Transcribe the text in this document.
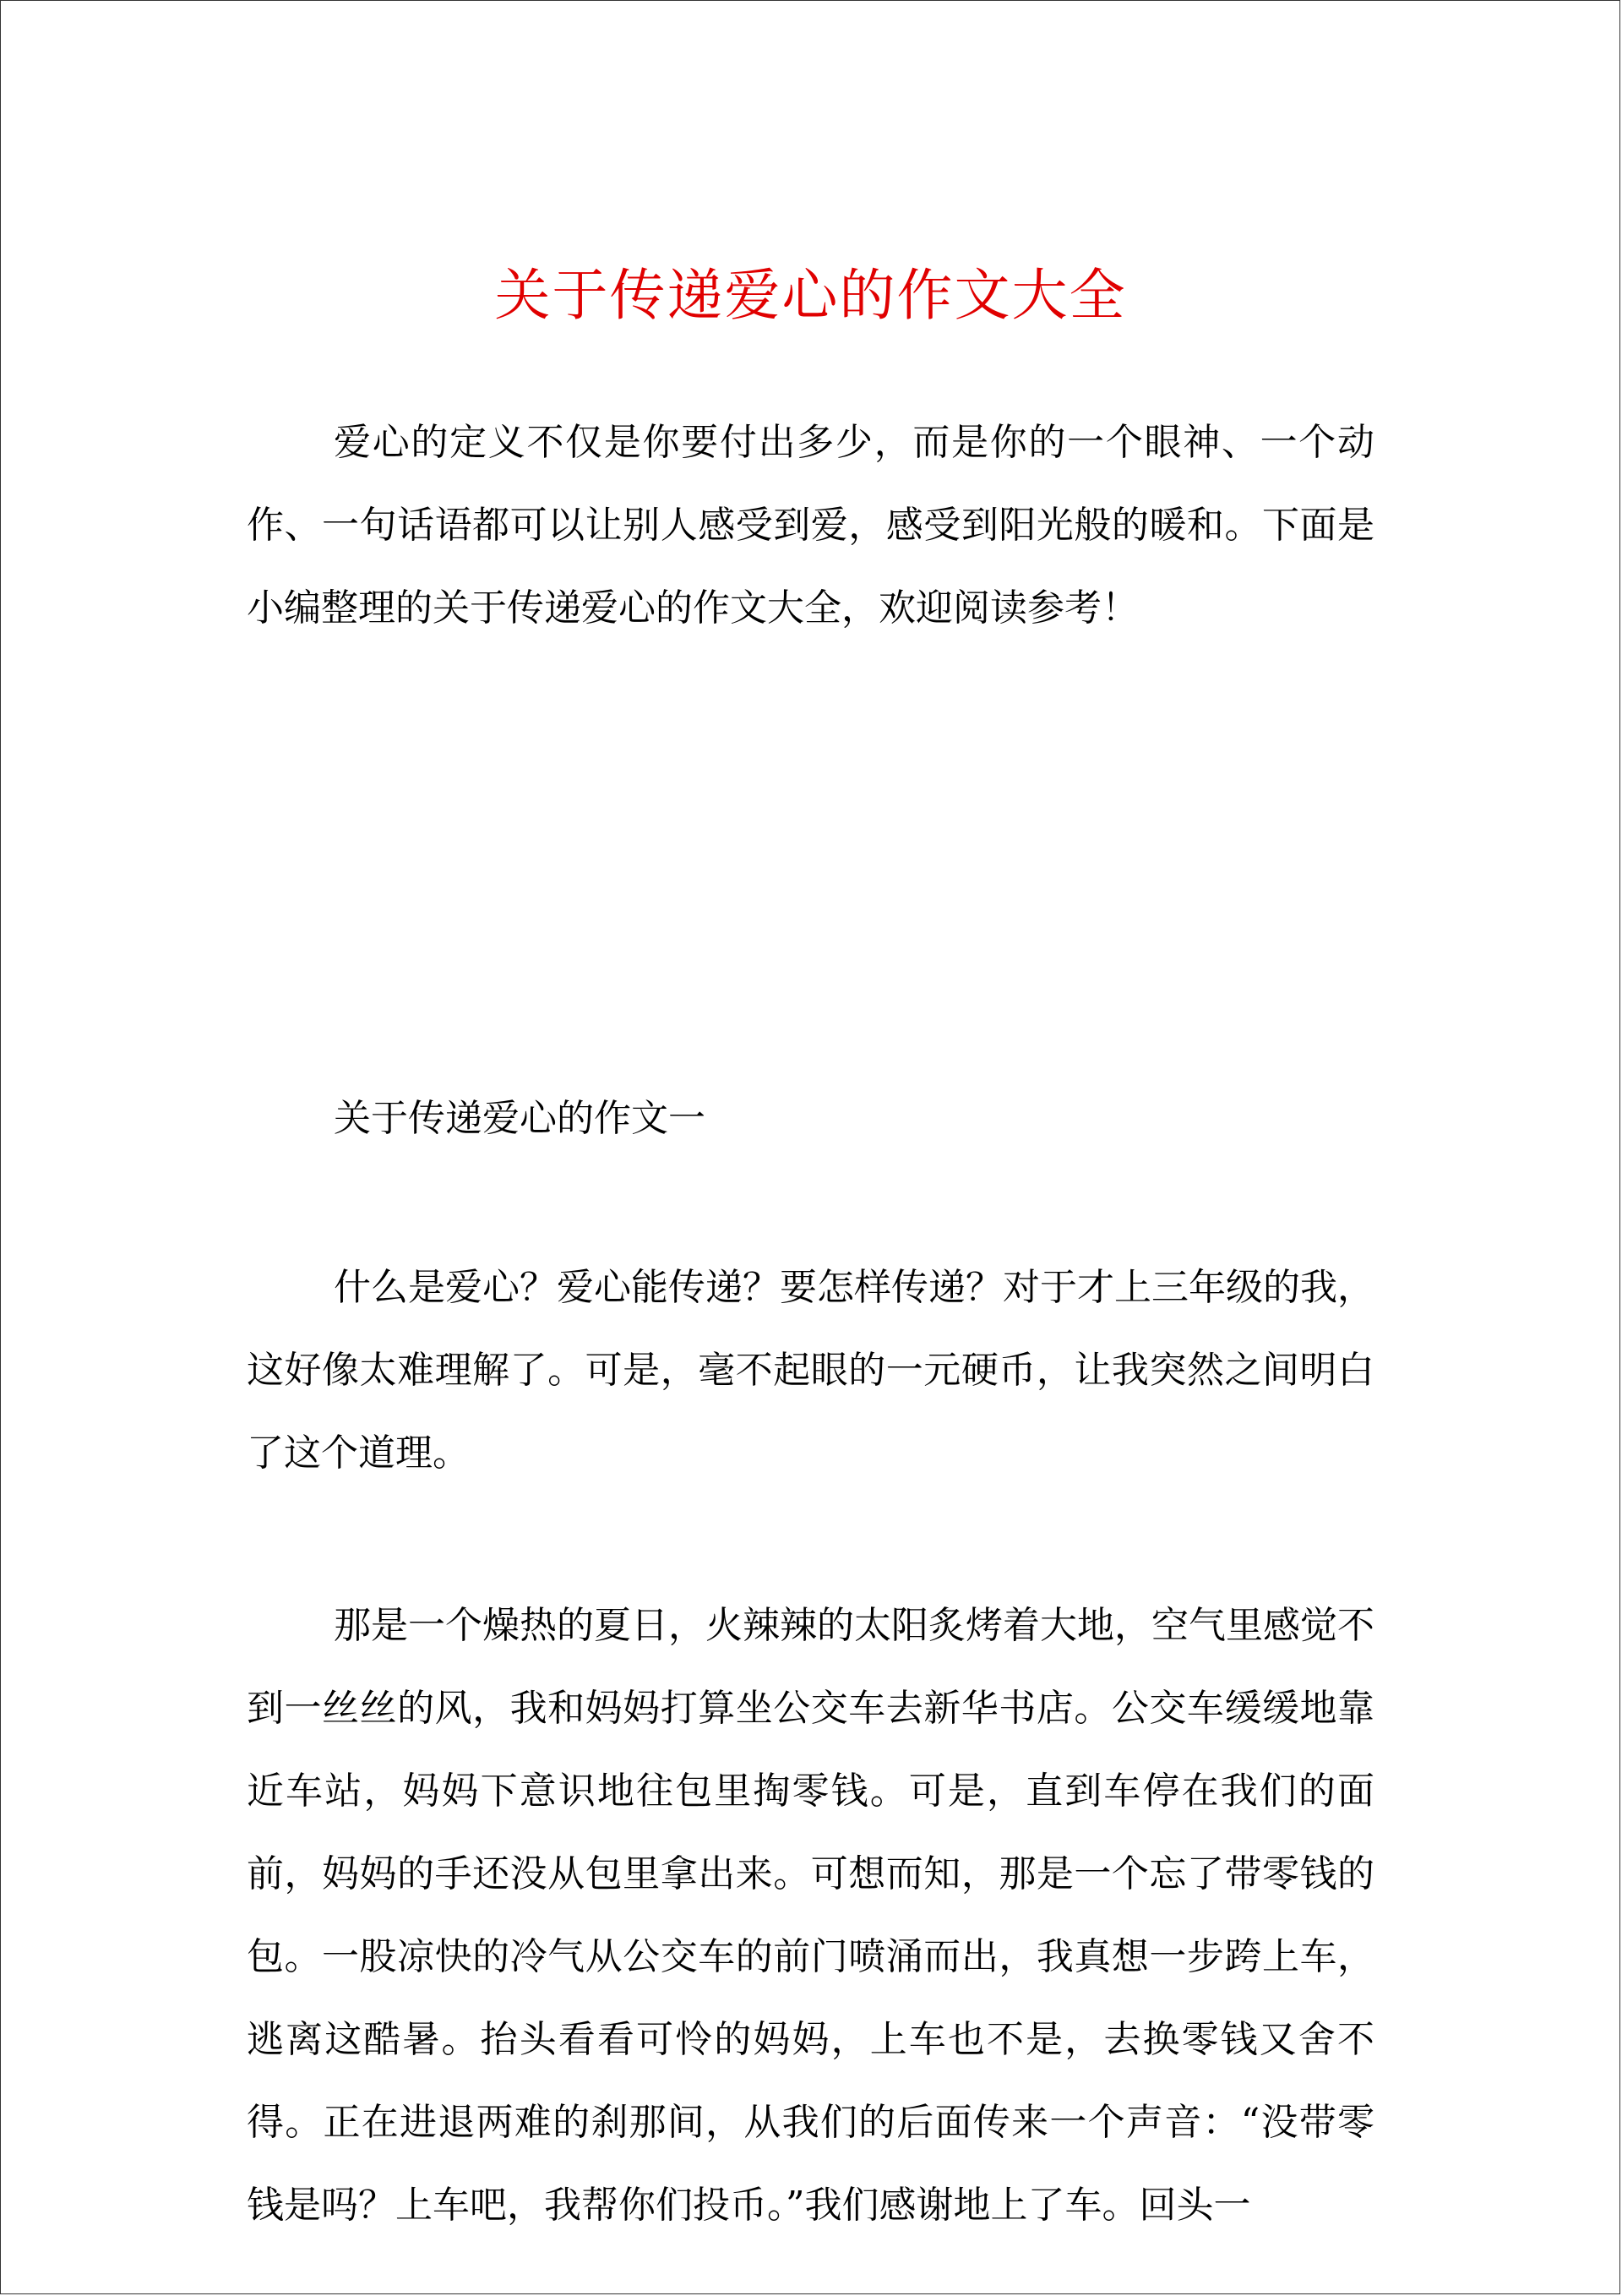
关于传递爱心的作文大全

爱心的定义不仅是你要付出多少，而是你的一个眼神、一个动作、一句话语都可以让别人感受到爱，感受到阳光般的暖和。下面是小编整理的关于传递爱心的作文大全，欢迎阅读参考！

关于传递爱心的作文一

什么是爱心？爱心能传递？要怎样传递？对于才上三年级的我，这好像太难理解了。可是，毫不起眼的一元硬币，让我突然之间明白了这个道理。

那是一个燥热的夏日，火辣辣的太阳炙烤着大地，空气里感觉不到一丝丝的风，我和妈妈打算坐公交车去新华书店。公交车缓缓地靠近车站，妈妈下意识地往包里掏零钱。可是，直到车停在我们的面前，妈妈的手还没从包里拿出来。可想而知，那是一个忘了带零钱的包。一股凉快的冷气从公交车的前门喷涌而出，我真想一步跨上车，逃离这酷暑。抬头看看可怜的妈妈，上车也不是，去换零钱又舍不得。正在进退两难的刹那间，从我们的后面传来一个声音：“没带零钱是吗？上车吧，我帮你们投币。”我们感谢地上了车。回头一
